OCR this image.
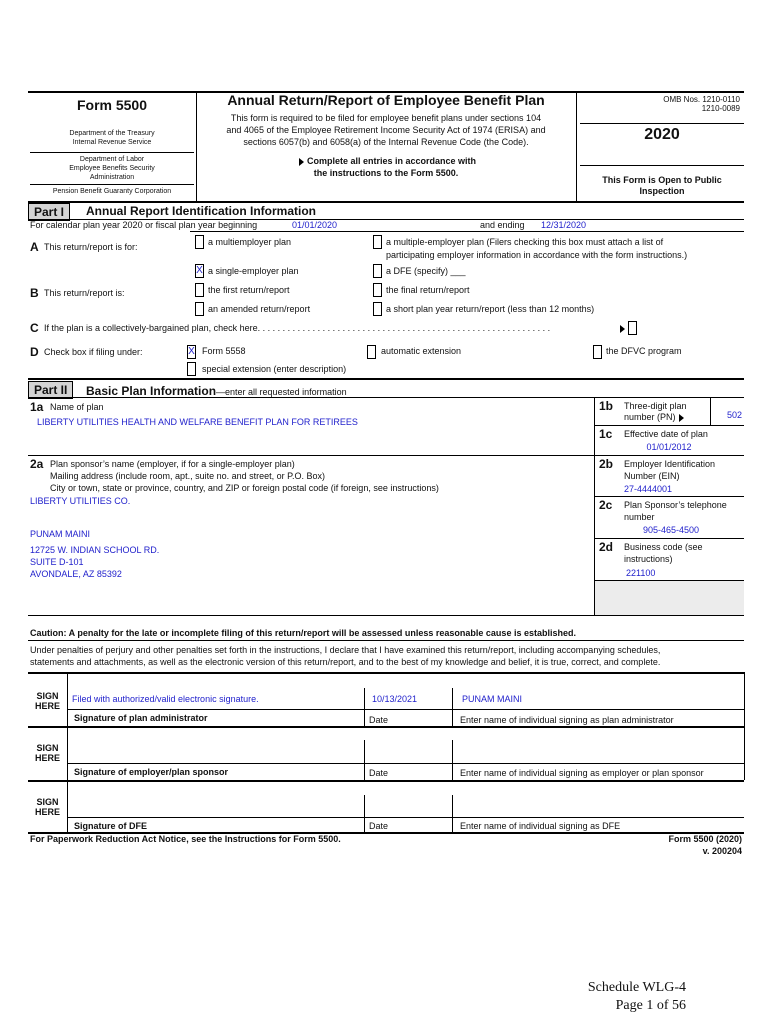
Form 5500
Department of the Treasury
Internal Revenue Service
Department of Labor
Employee Benefits Security
Administration
Pension Benefit Guaranty Corporation
Annual Return/Report of Employee Benefit Plan
This form is required to be filed for employee benefit plans under sections 104
and 4065 of the Employee Retirement Income Security Act of 1974 (ERISA) and
sections 6057(b) and 6058(a) of the Internal Revenue Code (the Code).
Complete all entries in accordance with
the instructions to the Form 5500.
OMB Nos. 1210-0110
1210-0089
2020
This Form is Open to Public
Inspection
Part I	Annual Report Identification Information
For calendar plan year 2020 or fiscal plan year beginning	01/01/2020	and ending 12/31/2020
A This return/report is for:	a multiemployer plan	a multiple-employer plan (Filers checking this box must attach a list of
participating employer information in accordance with the form instructions.)
X a single-employer plan	a DFE (specify) ___
B This return/report is:	the first return/report	the final return/report
an amended return/report	a short plan year return/report (less than 12 months)
C If the plan is a collectively-bargained plan, check here. . . . . . . . . . . . . . . . . . . . . . . . . . . . . . . . . . . . . . . . . . . . . . . . . . . . . . . . . . .
D Check box if filing under:	X Form 5558	automatic extension	the DFVC program
special extension (enter description)
Part II	Basic Plan Information—enter all requested information
1a Name of plan
LIBERTY UTILITIES HEALTH AND WELFARE BENEFIT PLAN FOR RETIREES
1b Three-digit plan
number (PN)	502
1c Effective date of plan
01/01/2012
2a Plan sponsor’s name (employer, if for a single-employer plan)
Mailing address (include room, apt., suite no. and street, or P.O. Box)
City or town, state or province, country, and ZIP or foreign postal code (if foreign, see instructions)
LIBERTY UTILITIES CO.
PUNAM MAINI
12725 W. INDIAN SCHOOL RD.
SUITE D-101
AVONDALE, AZ 85392
2b Employer Identification
Number (EIN)
27-4444001
2c Plan Sponsor’s telephone
number
905-465-4500
2d Business code (see
instructions)
221100
Caution: A penalty for the late or incomplete filing of this return/report will be assessed unless reasonable cause is established.
Under penalties of perjury and other penalties set forth in the instructions, I declare that I have examined this return/report, including accompanying schedules,
statements and attachments, as well as the electronic version of this return/report, and to the best of my knowledge and belief, it is true, correct, and complete.
SIGN
HERE
Filed with authorized/valid electronic signature.	10/13/2021	PUNAM MAINI
Signature of plan administrator	Date	Enter name of individual signing as plan administrator
SIGN
HERE
Signature of employer/plan sponsor	Date	Enter name of individual signing as employer or plan sponsor
SIGN
HERE
Signature of DFE	Date	Enter name of individual signing as DFE
For Paperwork Reduction Act Notice, see the Instructions for Form 5500.	Form 5500 (2020)
v. 200204
Schedule WLG-4
Page 1 of 56
